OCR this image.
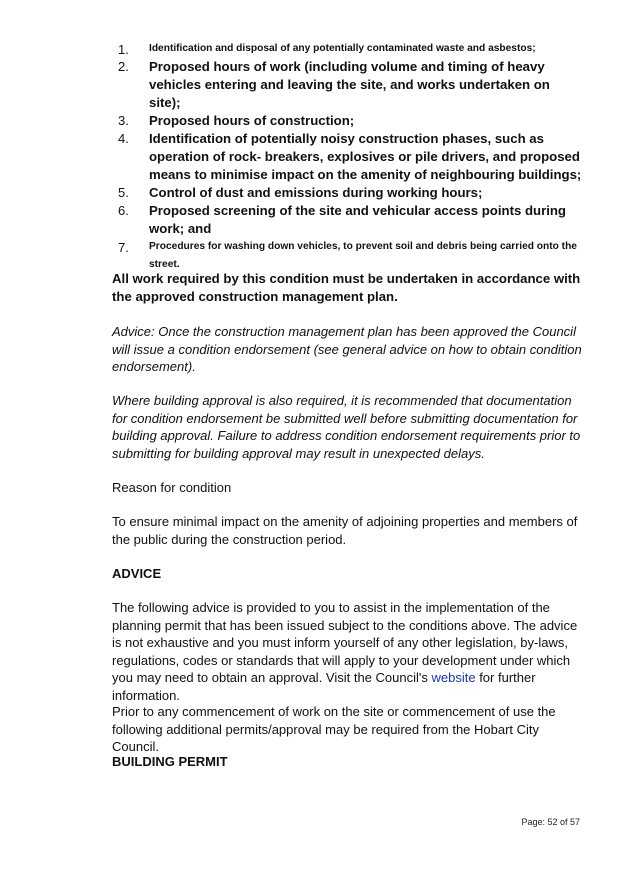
1. Identification and disposal of any potentially contaminated waste and asbestos;
2. Proposed hours of work (including volume and timing of heavy vehicles entering and leaving the site, and works undertaken on site);
3. Proposed hours of construction;
4. Identification of potentially noisy construction phases, such as operation of rock- breakers, explosives or pile drivers, and proposed means to minimise impact on the amenity of neighbouring buildings;
5. Control of dust and emissions during working hours;
6. Proposed screening of the site and vehicular access points during work; and
7. Procedures for washing down vehicles, to prevent soil and debris being carried onto the street.

All work required by this condition must be undertaken in accordance with the approved construction management plan.

Advice: Once the construction management plan has been approved the Council will issue a condition endorsement (see general advice on how to obtain condition endorsement).

Where building approval is also required, it is recommended that documentation for condition endorsement be submitted well before submitting documentation for building approval. Failure to address condition endorsement requirements prior to submitting for building approval may result in unexpected delays.

Reason for condition

To ensure minimal impact on the amenity of adjoining properties and members of the public during the construction period.

ADVICE

The following advice is provided to you to assist in the implementation of the planning permit that has been issued subject to the conditions above. The advice is not exhaustive and you must inform yourself of any other legislation, by-laws, regulations, codes or standards that will apply to your development under which you may need to obtain an approval. Visit the Council's website for further information.

Prior to any commencement of work on the site or commencement of use the following additional permits/approval may be required from the Hobart City Council.

BUILDING PERMIT

Page: 52 of 57
